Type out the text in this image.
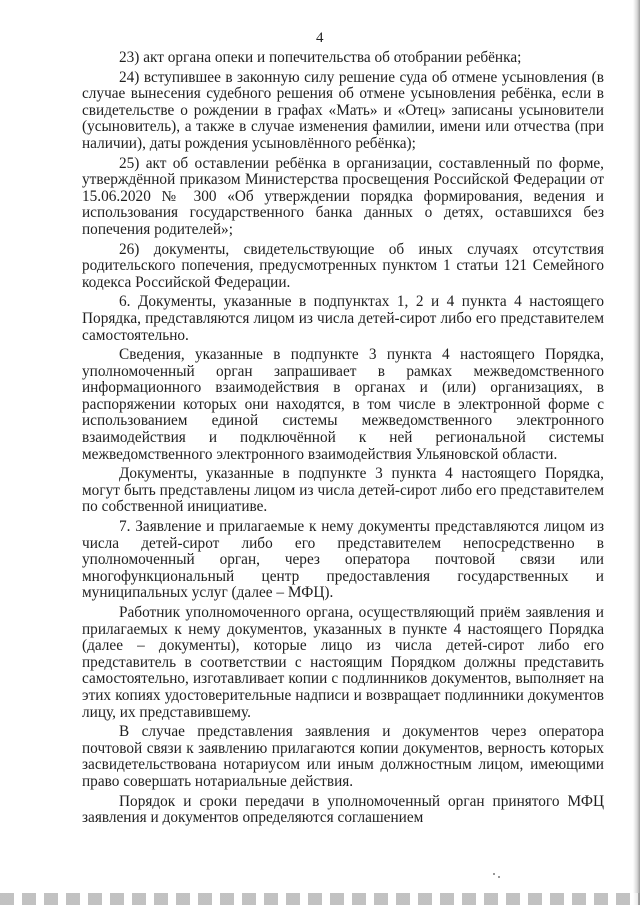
4

23) акт органа опеки и попечительства об отобрании ребёнка;

24) вступившее в законную силу решение суда об отмене усыновления (в случае вынесения судебного решения об отмене усыновления ребёнка, если в свидетельстве о рождении в графах «Мать» и «Отец» записаны усыновители (усыновитель), а также в случае изменения фамилии, имени или отчества (при наличии), даты рождения усыновлённого ребёнка);

25) акт об оставлении ребёнка в организации, составленный по форме, утверждённой приказом Министерства просвещения Российской Федерации от 15.06.2020 № 300 «Об утверждении порядка формирования, ведения и использования государственного банка данных о детях, оставшихся без попечения родителей»;

26) документы, свидетельствующие об иных случаях отсутствия родительского попечения, предусмотренных пунктом 1 статьи 121 Семейного кодекса Российской Федерации.

6. Документы, указанные в подпунктах 1, 2 и 4 пункта 4 настоящего Порядка, представляются лицом из числа детей-сирот либо его представителем самостоятельно.

Сведения, указанные в подпункте 3 пункта 4 настоящего Порядка, уполномоченный орган запрашивает в рамках межведомственного информационного взаимодействия в органах и (или) организациях, в распоряжении которых они находятся, в том числе в электронной форме с использованием единой системы межведомственного электронного взаимодействия и подключённой к ней региональной системы межведомственного электронного взаимодействия Ульяновской области.

Документы, указанные в подпункте 3 пункта 4 настоящего Порядка, могут быть представлены лицом из числа детей-сирот либо его представителем по собственной инициативе.

7. Заявление и прилагаемые к нему документы представляются лицом из числа детей-сирот либо его представителем непосредственно в уполномоченный орган, через оператора почтовой связи или многофункциональный центр предоставления государственных и муниципальных услуг (далее – МФЦ).

Работник уполномоченного органа, осуществляющий приём заявления и прилагаемых к нему документов, указанных в пункте 4 настоящего Порядка (далее – документы), которые лицо из числа детей-сирот либо его представитель в соответствии с настоящим Порядком должны представить самостоятельно, изготавливает копии с подлинников документов, выполняет на этих копиях удостоверительные надписи и возвращает подлинники документов лицу, их представившему.

В случае представления заявления и документов через оператора почтовой связи к заявлению прилагаются копии документов, верность которых засвидетельствована нотариусом или иным должностным лицом, имеющими право совершать нотариальные действия.

Порядок и сроки передачи в уполномоченный орган принятого МФЦ заявления и документов определяются соглашением
